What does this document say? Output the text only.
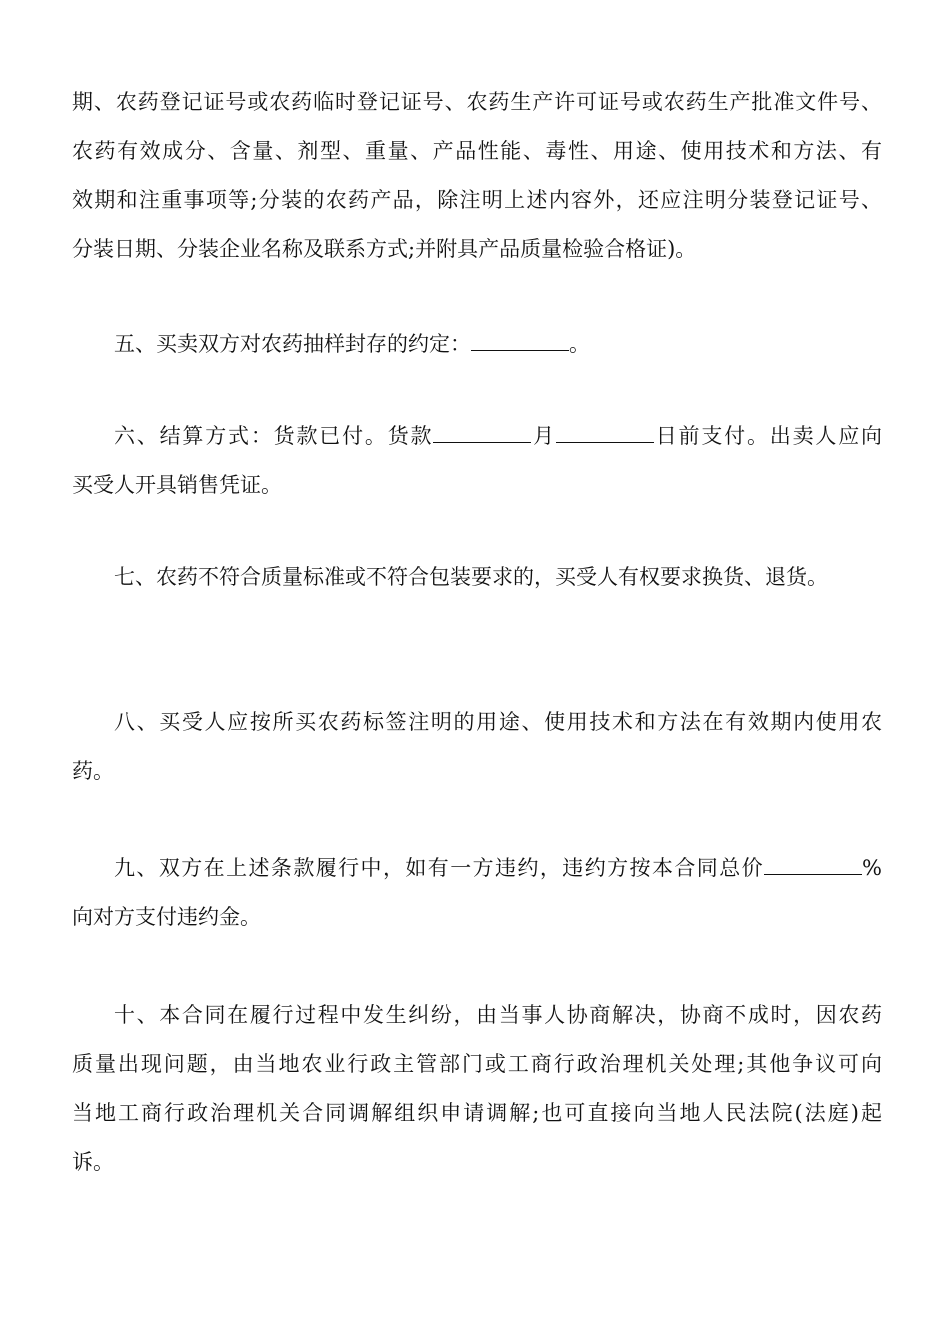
期、农药登记证号或农药临时登记证号、农药生产许可证号或农药生产批准文件号、
农药有效成分、含量、剂型、重量、产品性能、毒性、用途、使用技术和方法、有
效期和注重事项等;分装的农药产品，除注明上述内容外，还应注明分装登记证号、
分装日期、分装企业名称及联系方式;并附具产品质量检验合格证)。
五、买卖双方对农药抽样封存的约定：	。
六、结算方式：货款已付。货款	月	日前支付。出卖人应向
买受人开具销售凭证。
七、农药不符合质量标准或不符合包装要求的，买受人有权要求换货、退货。
八、买受人应按所买农药标签注明的用途、使用技术和方法在有效期内使用农
药。
九、双方在上述条款履行中，如有一方违约，违约方按本合同总价	%
向对方支付违约金。
十、本合同在履行过程中发生纠纷，由当事人协商解决，协商不成时，因农药
质量出现问题，由当地农业行政主管部门或工商行政治理机关处理;其他争议可向
当地工商行政治理机关合同调解组织申请调解;也可直接向当地人民法院(法庭)起
诉。
